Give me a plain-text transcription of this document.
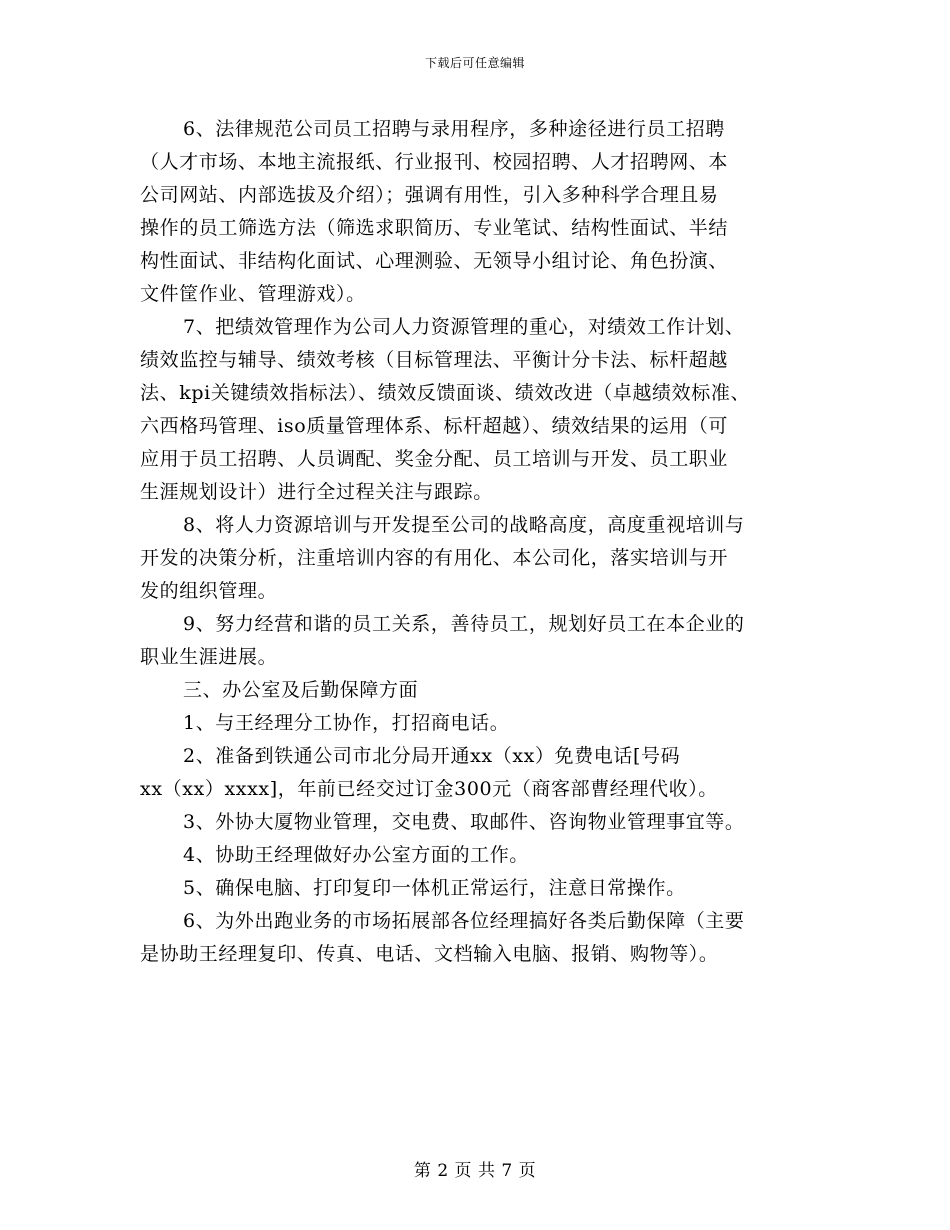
下载后可任意编辑
6、法律规范公司员工招聘与录用程序，多种途径进行员工招聘
（人才市场、本地主流报纸、行业报刊、校园招聘、人才招聘网、本
公司网站、内部选拔及介绍）；强调有用性，引入多种科学合理且易
操作的员工筛选方法（筛选求职简历、专业笔试、结构性面试、半结
构性面试、非结构化面试、心理测验、无领导小组讨论、角色扮演、
文件筐作业、管理游戏）。
7、把绩效管理作为公司人力资源管理的重心，对绩效工作计划、
绩效监控与辅导、绩效考核（目标管理法、平衡计分卡法、标杆超越
法、kpi关键绩效指标法）、绩效反馈面谈、绩效改进（卓越绩效标准、
六西格玛管理、iso质量管理体系、标杆超越）、绩效结果的运用（可
应用于员工招聘、人员调配、奖金分配、员工培训与开发、员工职业
生涯规划设计）进行全过程关注与跟踪。
8、将人力资源培训与开发提至公司的战略高度，高度重视培训与
开发的决策分析，注重培训内容的有用化、本公司化，落实培训与开
发的组织管理。
9、努力经营和谐的员工关系，善待员工，规划好员工在本企业的
职业生涯进展。
三、办公室及后勤保障方面
1、与王经理分工协作，打招商电话。
2、准备到铁通公司市北分局开通xx（xx）免费电话[号码
xx（xx）xxxx]，年前已经交过订金300元（商客部曹经理代收）。
3、外协大厦物业管理，交电费、取邮件、咨询物业管理事宜等。
4、协助王经理做好办公室方面的工作。
5、确保电脑、打印复印一体机正常运行，注意日常操作。
6、为外出跑业务的市场拓展部各位经理搞好各类后勤保障（主要
是协助王经理复印、传真、电话、文档输入电脑、报销、购物等）。
第 2 页 共 7 页
